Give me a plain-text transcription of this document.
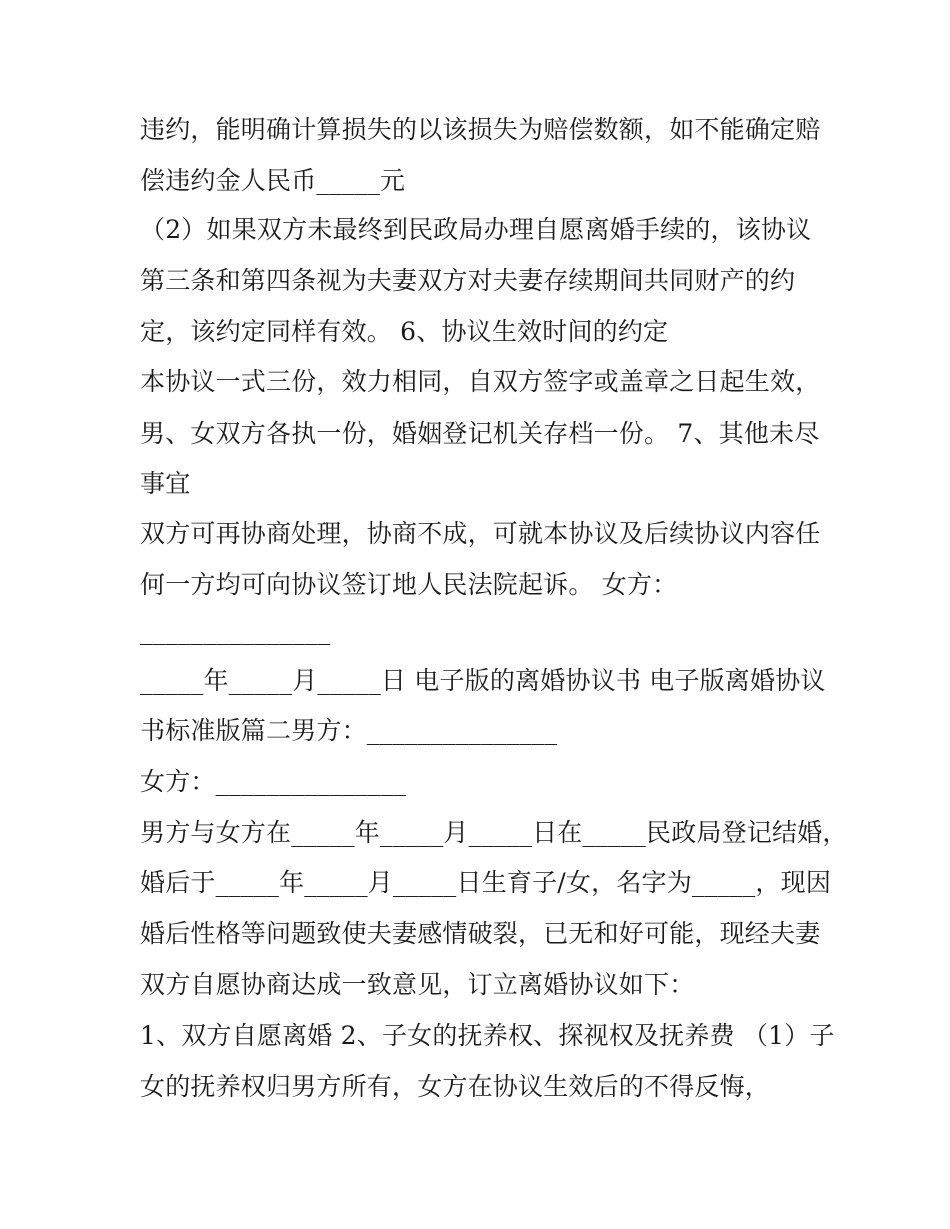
违约，能明确计算损失的以该损失为赔偿数额，如不能确定赔
偿违约金人民币_____元
（2）如果双方未最终到民政局办理自愿离婚手续的，该协议
第三条和第四条视为夫妻双方对夫妻存续期间共同财产的约
定，该约定同样有效。 6、协议生效时间的约定
本协议一式三份，效力相同，自双方签字或盖章之日起生效，
男、女双方各执一份，婚姻登记机关存档一份。 7、其他未尽
事宜
双方可再协商处理，协商不成，可就本协议及后续协议内容任
何一方均可向协议签订地人民法院起诉。 女方：
_______________
_____年_____月_____日 电子版的离婚协议书 电子版离婚协议
书标准版篇二男方：_______________
女方：_______________
男方与女方在_____年_____月_____日在_____民政局登记结婚，
婚后于_____年_____月_____日生育子/女，名字为_____，现因
婚后性格等问题致使夫妻感情破裂，已无和好可能，现经夫妻
双方自愿协商达成一致意见，订立离婚协议如下：
1、双方自愿离婚 2、子女的抚养权、探视权及抚养费 （1）子
女的抚养权归男方所有，女方在协议生效后的不得反悔，
